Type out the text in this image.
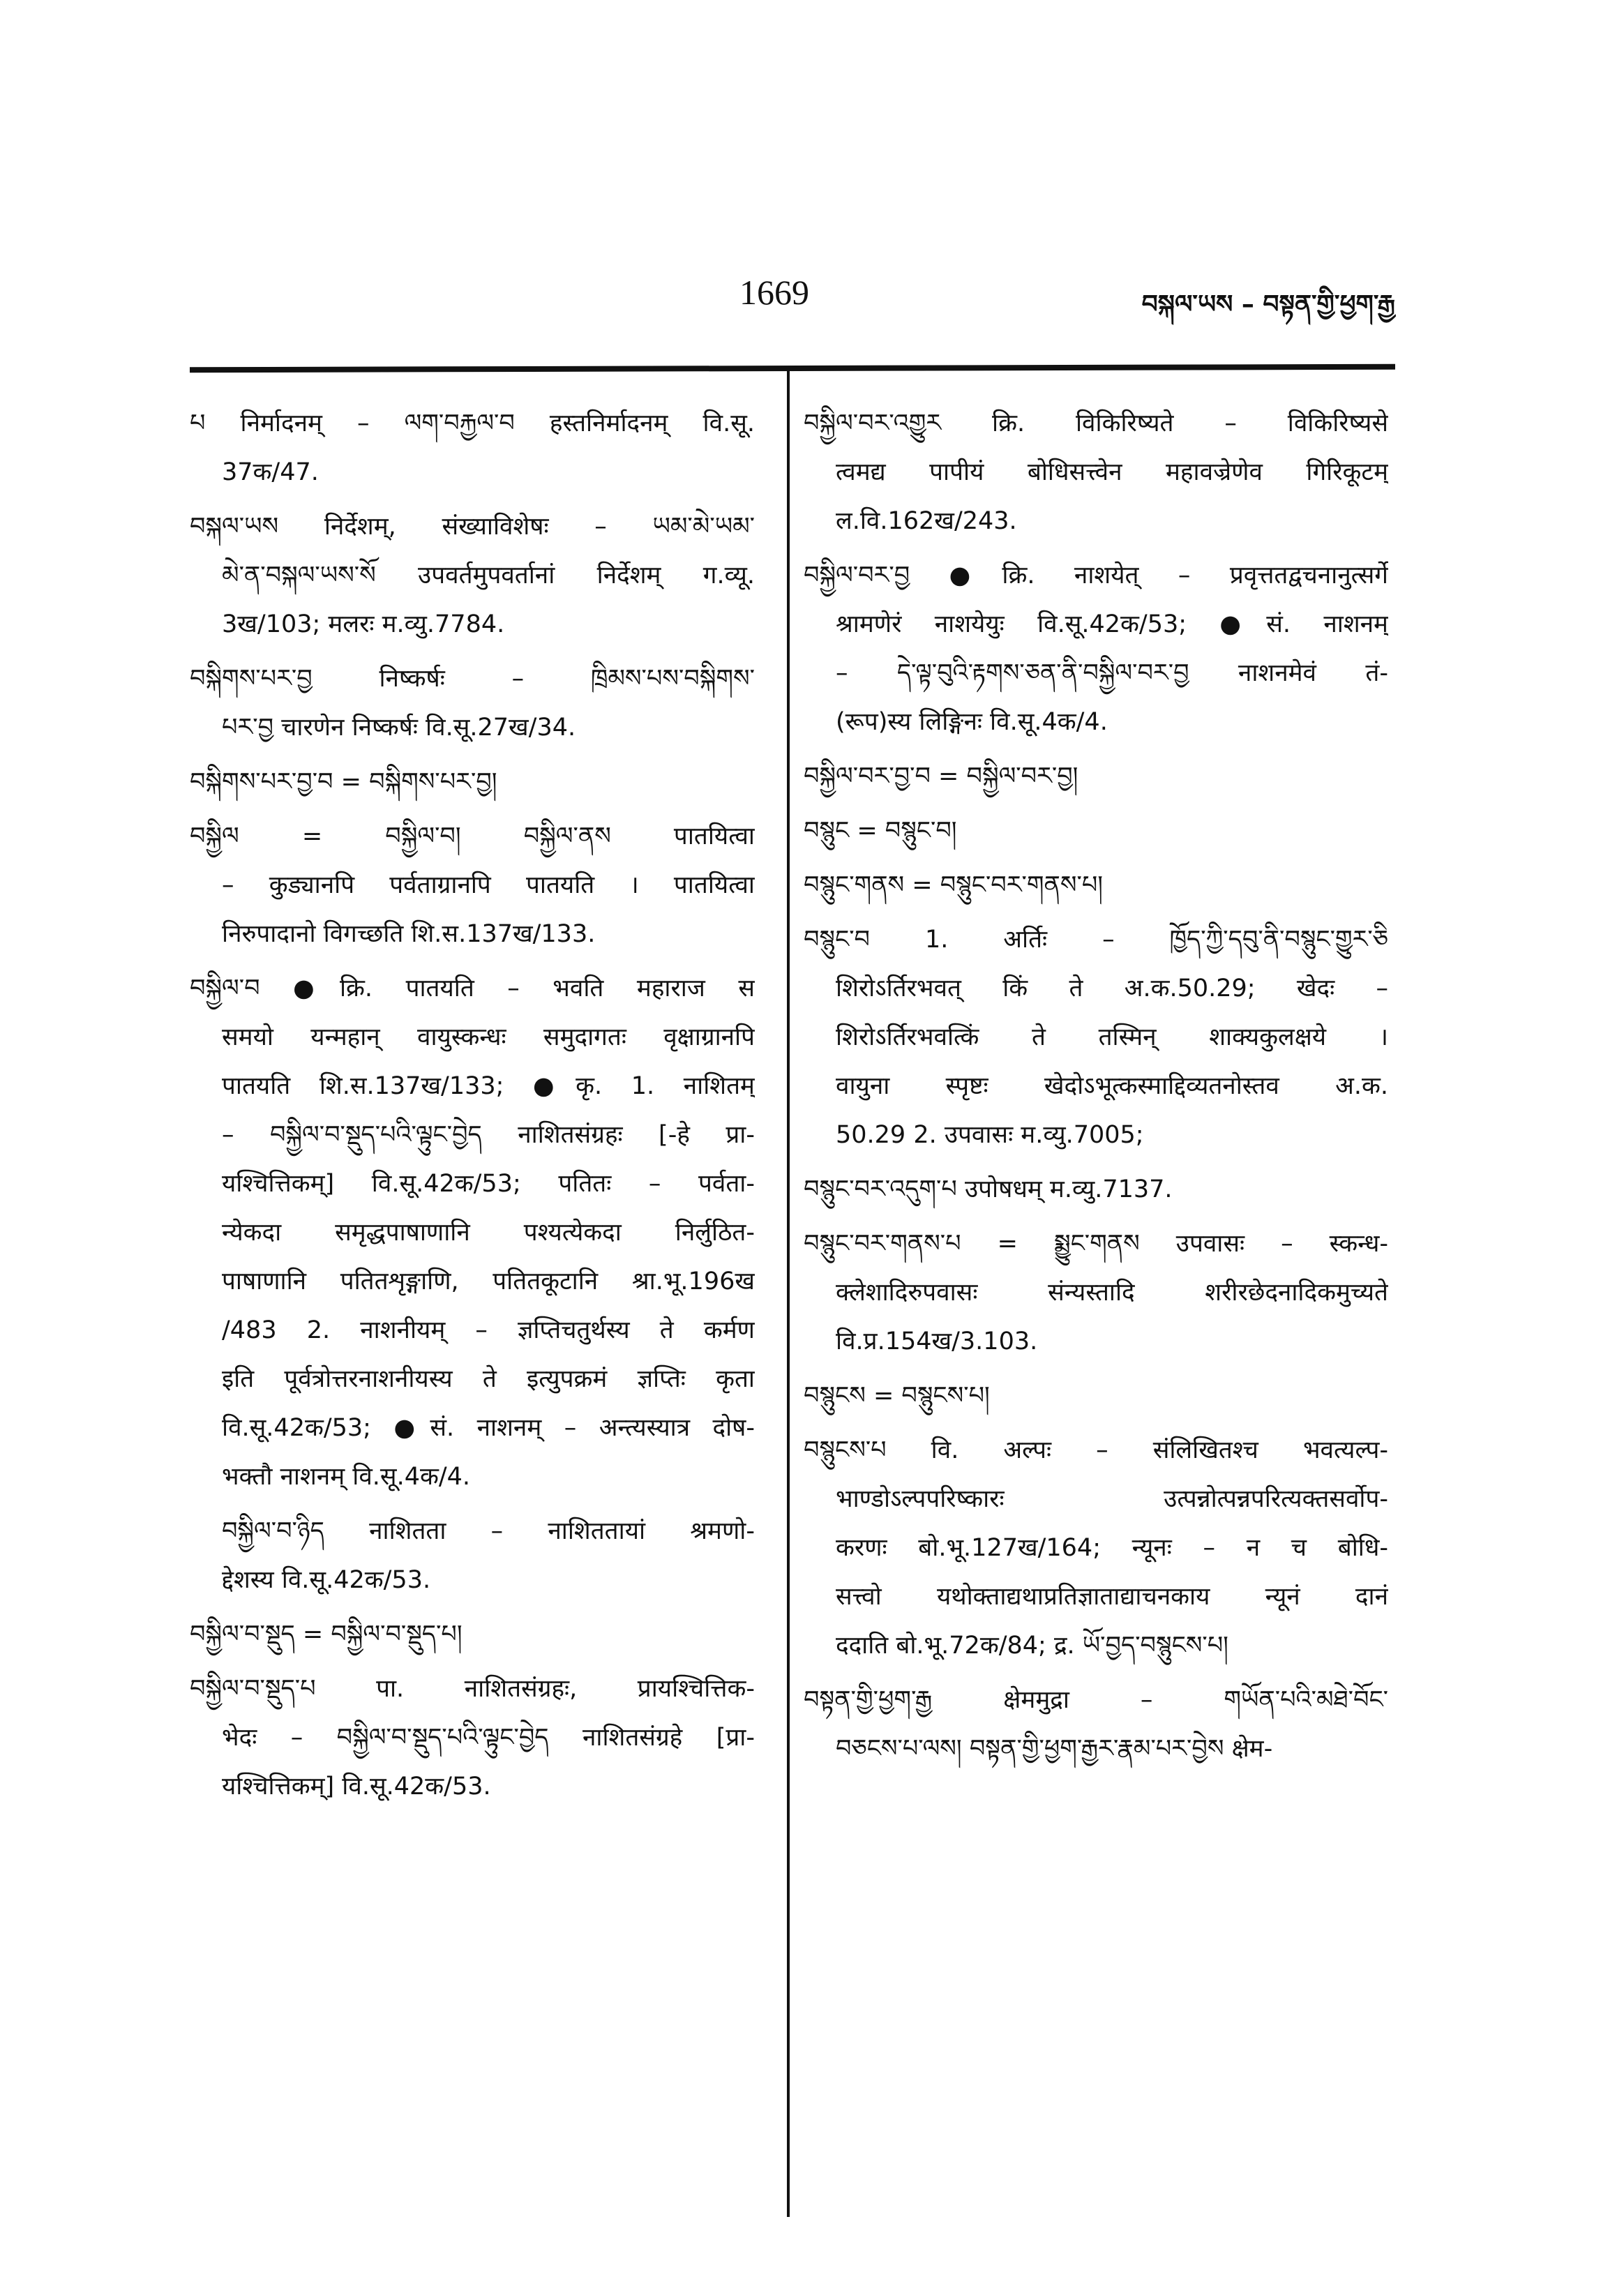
1669	བསྐལ་ཡས – བསྟན་གྱི་ཕྱག་རྒྱ
པ निर्मादनम् – ལག་བརྐྱལ་བ हस्तनिर्मादनम् वि.सू.
37क/47.
བསྐལ་ཡས निर्देशम्, संख्याविशेषः – ཡམ་མེ་ཡམ་
མེ་ན་བསྐལ་ཡས་སོ उपवर्तमुपवर्तानां निर्देशम् ग.व्यू.
3ख/103; मलरः म.व्यु.7784.
བསྐིགས་པར་བྱ निष्कर्षः – ཁྲིམས་པས་བསྐིགས་
པར་བྱ चारणेन निष्कर्षः वि.सू.27ख/34.
བསྐིགས་པར་བྱ་བ = བསྐིགས་པར་བྱ།
བསྐྱིལ = བསྐྱིལ་བ། བསྐྱིལ་ནས पातयित्वा
– कुड्यानपि पर्वताग्रानपि पातयति । पातयित्वा
निरुपादानो विगच्छति शि.स.137ख/133.
བསྐྱིལ་བ ●क्रि. पातयति – भवति महाराज स
समयो यन्महान् वायुस्कन्धः समुदागतः वृक्षाग्रानपि
पातयति शि.स.137ख/133; ●कृ. 1. नाशितम्
– བསྐྱིལ་བ་སྡུད་པའི་ལྟུང་བྱེད नाशितसंग्रहः [-हे प्रा-
यश्चित्तिकम्] वि.सू.42क/53; पतितः – पर्वता-
न्येकदा समृद्धपाषाणानि पश्यत्येकदा निर्लुठित-
पाषाणानि पतितशृङ्गाणि, पतितकूटानि श्रा.भू.196ख
/483 2. नाशनीयम् – ज्ञप्तिचतुर्थस्य ते कर्मण
इति पूर्वत्रोत्तरनाशनीयस्य ते इत्युपक्रमं ज्ञप्तिः कृता
वि.सू.42क/53; ●सं. नाशनम् – अन्त्यस्यात्र दोष-
भक्तौ नाशनम् वि.सू.4क/4.
བསྐྱིལ་བ་ཉིད नाशितता – नाशिततायां श्रमणो-
द्देशस्य वि.सू.42क/53.
བསྐྱིལ་བ་སྡུད = བསྐྱིལ་བ་སྡུད་པ།
བསྐྱིལ་བ་སྡུད་པ पा. नाशितसंग्रहः, प्रायश्चित्तिक-
भेदः – བསྐྱིལ་བ་སྡུད་པའི་ལྟུང་བྱེད नाशितसंग्रहे [प्रा-
यश्चित्तिकम्] वि.सू.42क/53.
བསྐྱིལ་བར་འགྱུར क्रि. विकिरिष्यते – विकिरिष्यसे
त्वमद्य पापीयं बोधिसत्त्वेन महावज्रेणेव गिरिकूटम्
ल.वि.162ख/243.
བསྐྱིལ་བར་བྱ ●क्रि. नाशयेत् – प्रवृत्ततद्वचनानुत्सर्गे
श्रामणेरं नाशयेयुः वि.सू.42क/53; ●सं. नाशनम्
– དེ་ལྟ་བུའི་རྟགས་ཅན་ནི་བསྐྱིལ་བར་བྱ नाशनमेवं तं-
(रूप)स्य लिङ्गिनः वि.सू.4क/4.
བསྐྱིལ་བར་བྱ་བ = བསྐྱིལ་བར་བྱ།
བསྙུང = བསྙུང་བ།
བསྙུང་གནས = བསྙུང་བར་གནས་པ།
བསྙུང་བ 1. अर्तिः – ཁྱོད་ཀྱི་དབུ་ནི་བསྙུང་གྱུར་ཅི
शिरोऽर्तिरभवत् किं ते अ.क.50.29; खेदः –
शिरोऽर्तिरभवत्किं ते तस्मिन् शाक्यकुलक्षये ।
वायुना स्पृष्टः खेदोऽभूत्कस्माद्दिव्यतनोस्तव अ.क.
50.29 2. उपवासः म.व्यु.7005;
བསྙུང་བར་འདུག་པ उपोषधम् म.व्यु.7137.
བསྙུང་བར་གནས་པ = སྨྱུང་གནས उपवासः – स्कन्ध-
क्लेशादिरुपवासः संन्यस्तादि शरीरछेदनादिकमुच्यते
वि.प्र.154ख/3.103.
བསྙུངས = བསྙུངས་པ།
བསྙུངས་པ वि. अल्पः – संलिखितश्च भवत्यल्प-
भाण्डोऽल्पपरिष्कारः उत्पन्नोत्पन्नपरित्यक्तसर्वोप-
करणः बो.भू.127ख/164; न्यूनः – न च बोधि-
सत्त्वो यथोक्ताद्यथाप्रतिज्ञाताद्याचनकाय न्यूनं दानं
ददाति बो.भू.72क/84; द्र. ཡོ་བྱད་བསྙུངས་པ།
བསྟན་གྱི་ཕྱག་རྒྱ क्षेममुद्रा – གཡོན་པའི་མཐེ་བོང་
བཅངས་པ་ལས། བསྟན་གྱི་ཕྱག་རྒྱར་རྣམ་པར་བྱེས क्षेम-
